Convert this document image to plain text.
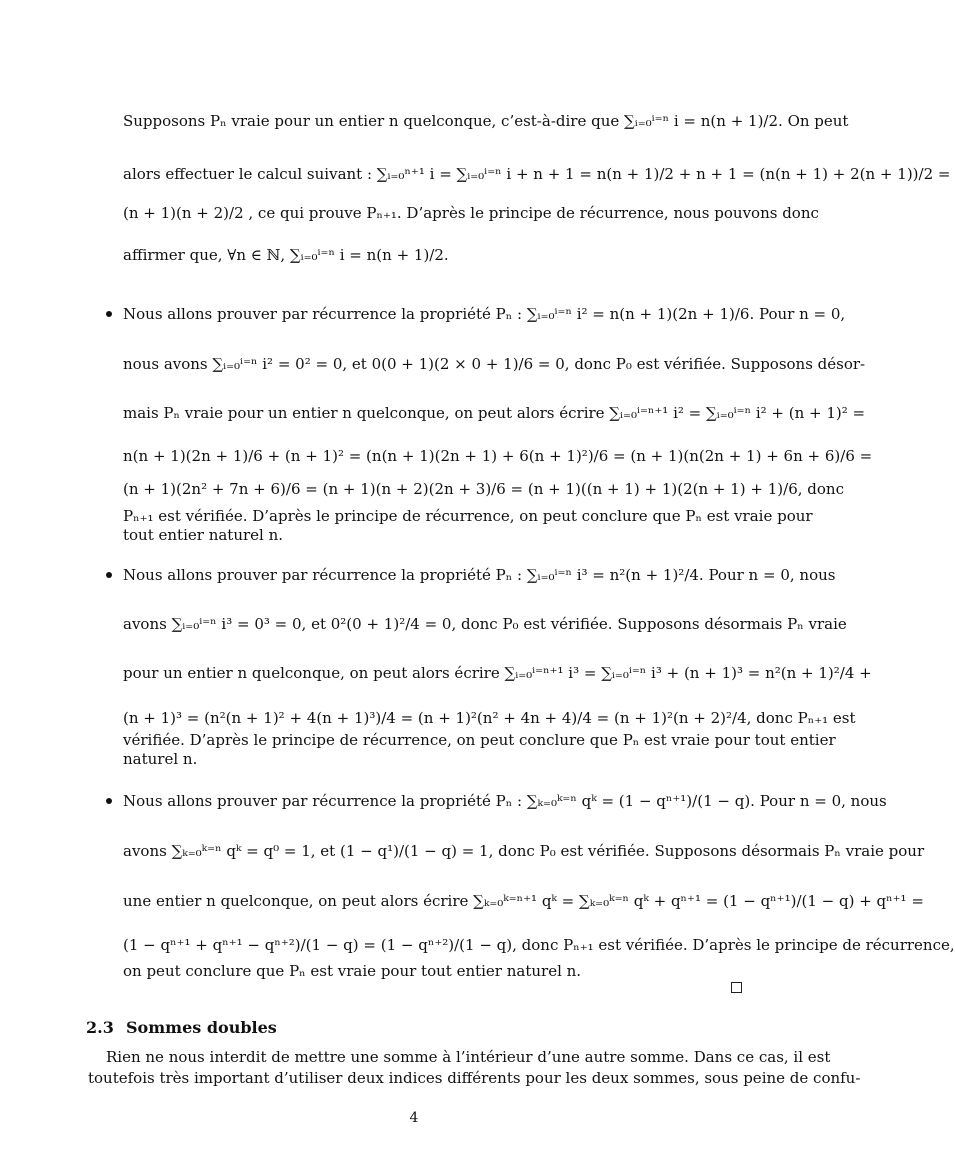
Supposons Pₙ vraie pour un entier n quelconque, c’est-à-dire que ∑ᵢ₌₀ⁱ⁼ⁿ i = n(n + 1)/2. On peut
alors effectuer le calcul suivant : ∑ᵢ₌₀ⁿ⁺¹ i = ∑ᵢ₌₀ⁱ⁼ⁿ i + n + 1 = n(n + 1)/2 + n + 1 = (n(n + 1) + 2(n + 1))/2 =
(n + 1)(n + 2)/2 , ce qui prouve Pₙ₊₁. D’après le principe de récurrence, nous pouvons donc
affirmer que, ∀n ∈ ℕ, ∑ᵢ₌₀ⁱ⁼ⁿ i = n(n + 1)/2.
Nous allons prouver par récurrence la propriété Pₙ : ∑ᵢ₌₀ⁱ⁼ⁿ i² = n(n + 1)(2n + 1)/6. Pour n = 0,
nous avons ∑ᵢ₌₀ⁱ⁼ⁿ i² = 0² = 0, et 0(0 + 1)(2 × 0 + 1)/6 = 0, donc P₀ est vérifiée. Supposons désor-
mais Pₙ vraie pour un entier n quelconque, on peut alors écrire ∑ᵢ₌₀ⁱ⁼ⁿ⁺¹ i² = ∑ᵢ₌₀ⁱ⁼ⁿ i² + (n + 1)² =
n(n + 1)(2n + 1)/6 + (n + 1)² = (n(n + 1)(2n + 1) + 6(n + 1)²)/6 = (n + 1)(n(2n + 1) + 6n + 6)/6 =
(n + 1)(2n² + 7n + 6)/6 = (n + 1)(n + 2)(2n + 3)/6 = (n + 1)((n + 1) + 1)(2(n + 1) + 1)/6, donc
Pₙ₊₁ est vérifiée. D’après le principe de récurrence, on peut conclure que Pₙ est vraie pour
tout entier naturel n.
Nous allons prouver par récurrence la propriété Pₙ : ∑ᵢ₌₀ⁱ⁼ⁿ i³ = n²(n + 1)²/4. Pour n = 0, nous
avons ∑ᵢ₌₀ⁱ⁼ⁿ i³ = 0³ = 0, et 0²(0 + 1)²/4 = 0, donc P₀ est vérifiée. Supposons désormais Pₙ vraie
pour un entier n quelconque, on peut alors écrire ∑ᵢ₌₀ⁱ⁼ⁿ⁺¹ i³ = ∑ᵢ₌₀ⁱ⁼ⁿ i³ + (n + 1)³ = n²(n + 1)²/4 +
(n + 1)³ = (n²(n + 1)² + 4(n + 1)³)/4 = (n + 1)²(n² + 4n + 4)/4 = (n + 1)²(n + 2)²/4, donc Pₙ₊₁ est
vérifiée. D’après le principe de récurrence, on peut conclure que Pₙ est vraie pour tout entier
naturel n.
Nous allons prouver par récurrence la propriété Pₙ : ∑ₖ₌₀ᵏ⁼ⁿ qᵏ = (1 − qⁿ⁺¹)/(1 − q). Pour n = 0, nous
avons ∑ₖ₌₀ᵏ⁼ⁿ qᵏ = q⁰ = 1, et (1 − q¹)/(1 − q) = 1, donc P₀ est vérifiée. Supposons désormais Pₙ vraie pour
une entier n quelconque, on peut alors écrire ∑ₖ₌₀ᵏ⁼ⁿ⁺¹ qᵏ = ∑ₖ₌₀ᵏ⁼ⁿ qᵏ + qⁿ⁺¹ = (1 − qⁿ⁺¹)/(1 − q) + qⁿ⁺¹ =
(1 − qⁿ⁺¹ + qⁿ⁺¹ − qⁿ⁺²)/(1 − q) = (1 − qⁿ⁺²)/(1 − q), donc Pₙ₊₁ est vérifiée. D’après le principe de récurrence,
on peut conclure que Pₙ est vraie pour tout entier naturel n.
2.3 Sommes doubles
Rien ne nous interdit de mettre une somme à l’intérieur d’une autre somme. Dans ce cas, il est
toutefois très important d’utiliser deux indices différents pour les deux sommes, sous peine de confu-
4
